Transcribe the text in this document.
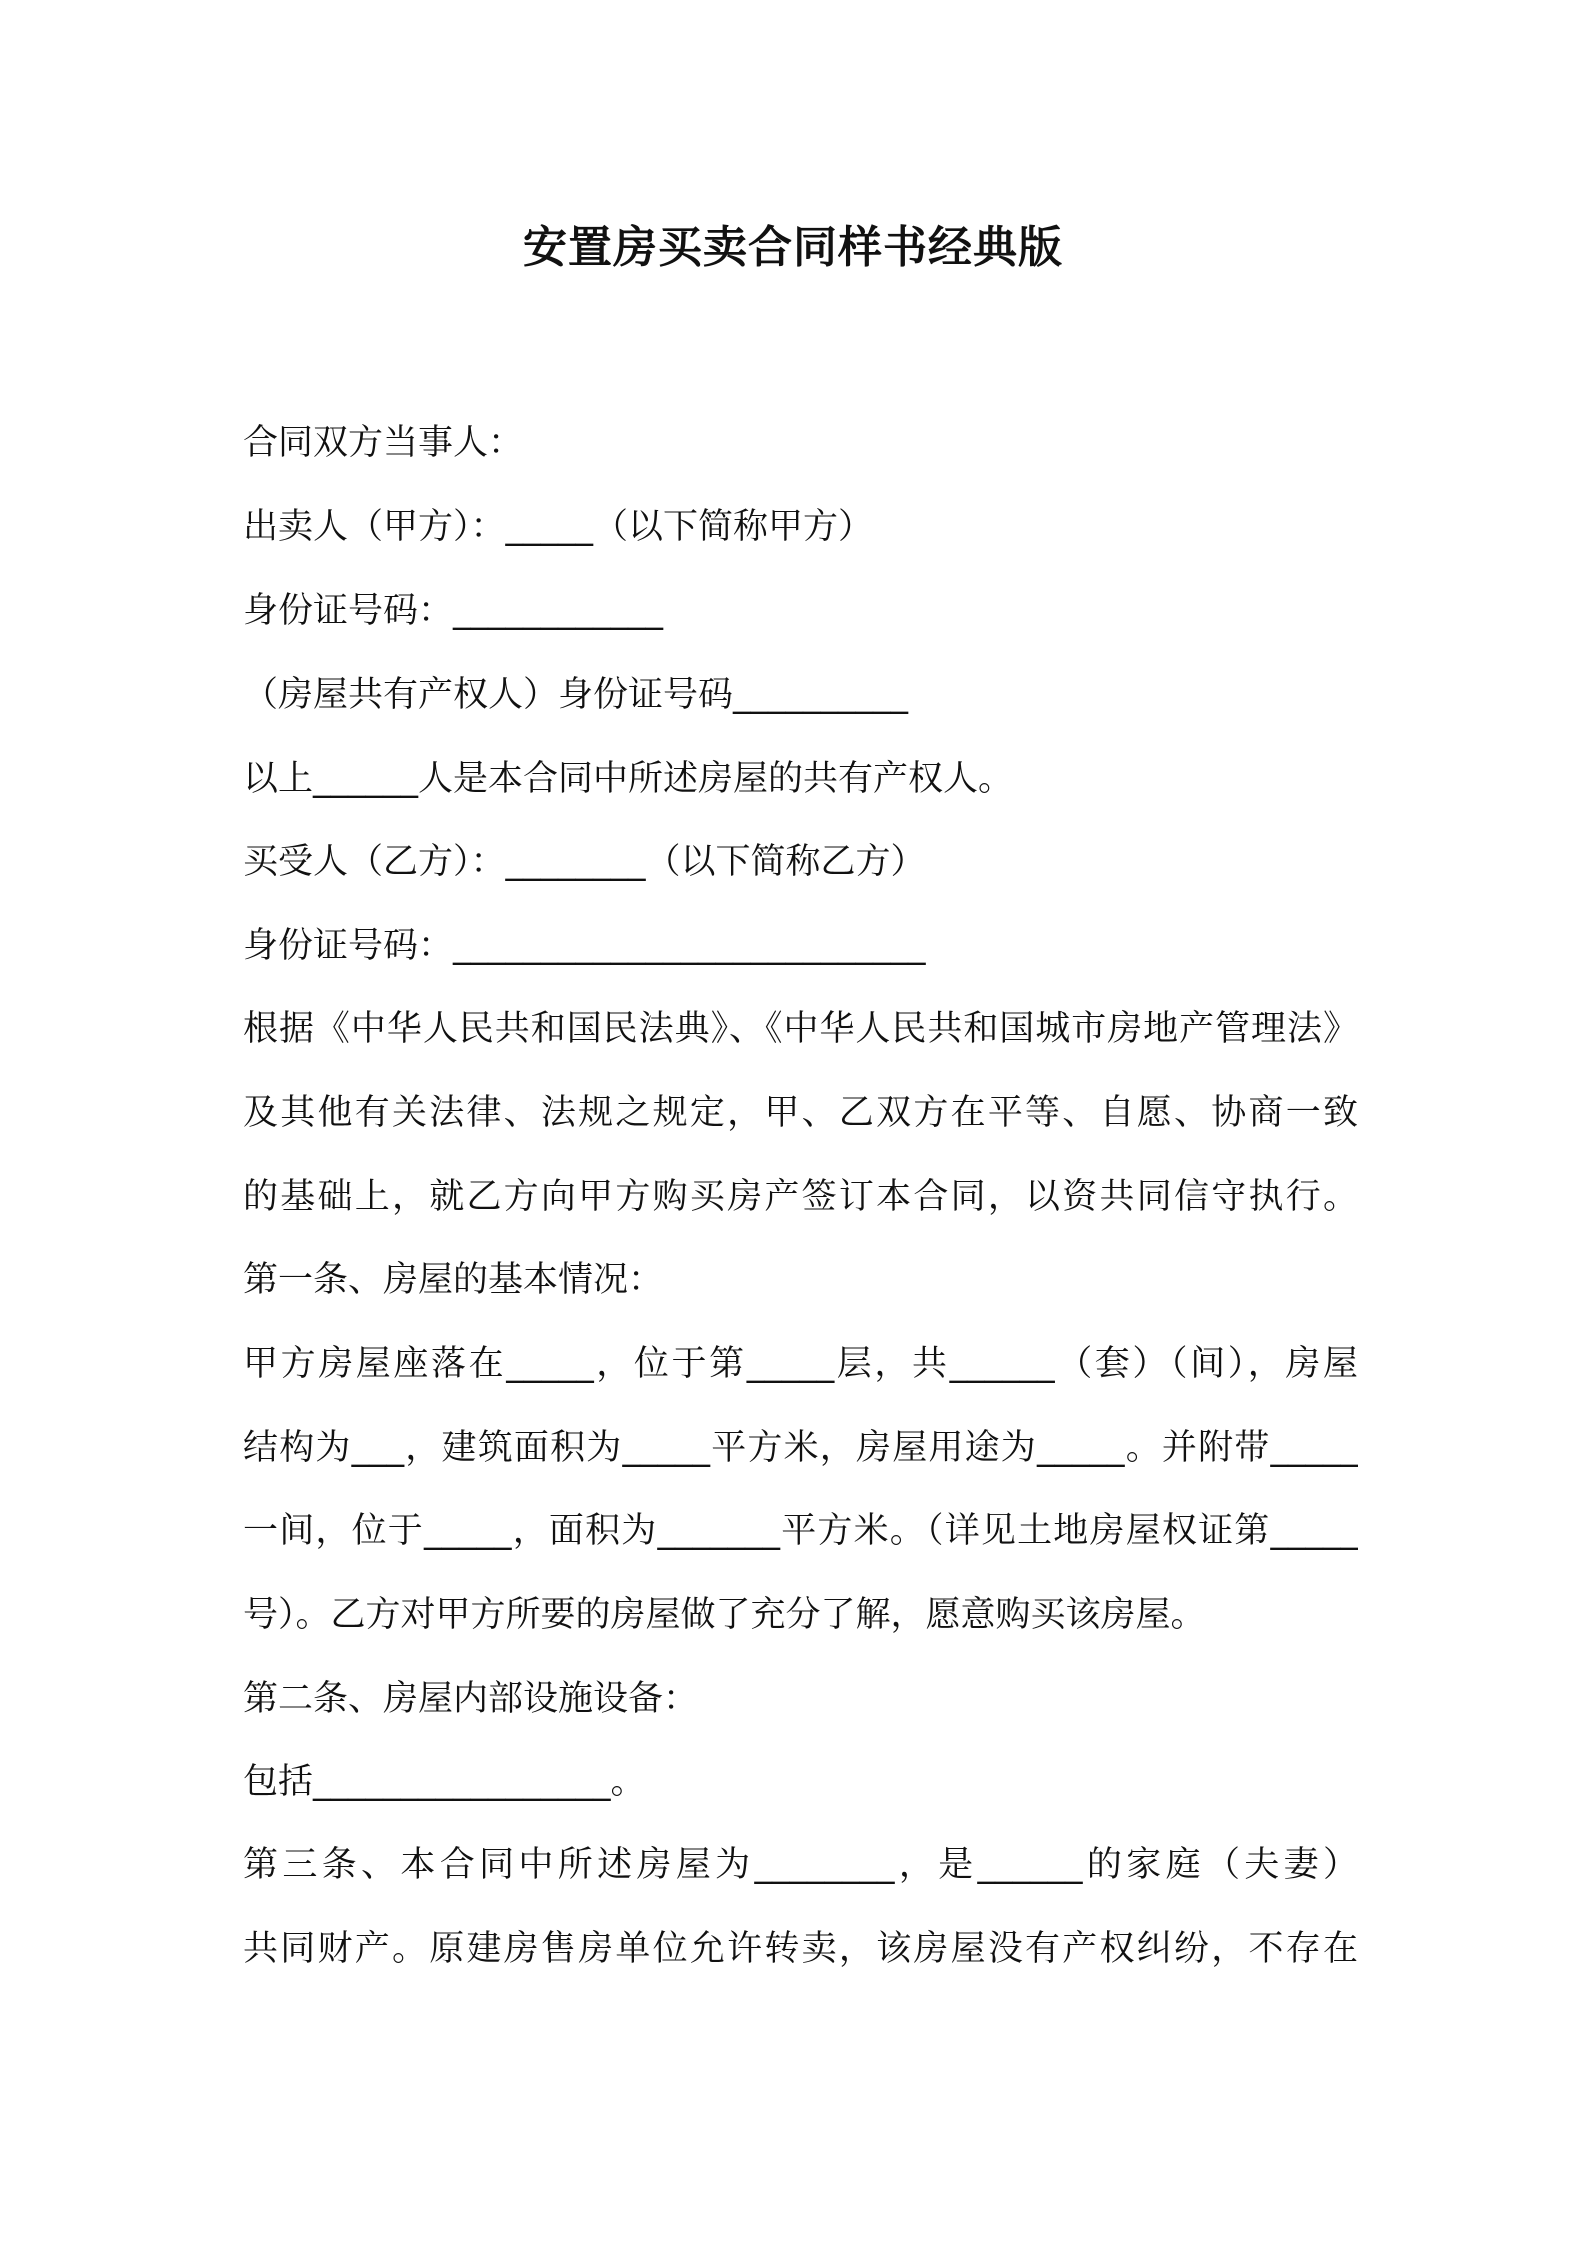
安置房买卖合同样书经典版
合同双方当事人：
出卖人（甲方）：_____（以下简称甲方）
身份证号码：____________
（房屋共有产权人）身份证号码__________
以上______人是本合同中所述房屋的共有产权人。
买受人（乙方）：________（以下简称乙方）
身份证号码：___________________________
根据《中华人民共和国民法典》、《中华人民共和国城市房地产管理法》
及其他有关法律、法规之规定，甲、乙双方在平等、自愿、协商一致
的基础上，就乙方向甲方购买房产签订本合同，以资共同信守执行。
第一条、房屋的基本情况：
甲方房屋座落在_____，位于第_____层，共______（套）（间），房屋
结构为___，建筑面积为_____平方米，房屋用途为_____。并附带_____
一间，位于_____，面积为_______平方米。（详见土地房屋权证第_____
号）。乙方对甲方所要的房屋做了充分了解，愿意购买该房屋。
第二条、房屋内部设施设备：
包括_________________。
第三条、本合同中所述房屋为________，是______的家庭（夫妻）
共同财产。原建房售房单位允许转卖，该房屋没有产权纠纷，不存在
